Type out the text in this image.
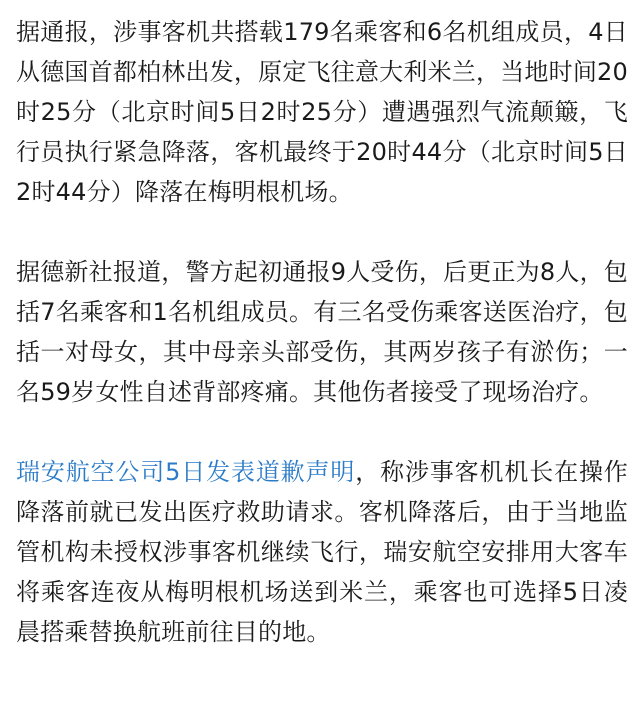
据通报，涉事客机共搭载179名乘客和6名机组成员，4日从德国首都柏林出发，原定飞往意大利米兰，当地时间20时25分（北京时间5日2时25分）遭遇强烈气流颠簸，飞行员执行紧急降落，客机最终于20时44分（北京时间5日2时44分）降落在梅明根机场。

据德新社报道，警方起初通报9人受伤，后更正为8人，包括7名乘客和1名机组成员。有三名受伤乘客送医治疗，包括一对母女，其中母亲头部受伤，其两岁孩子有淤伤；一名59岁女性自述背部疼痛。其他伤者接受了现场治疗。

瑞安航空公司5日发表道歉声明，称涉事客机机长在操作降落前就已发出医疗救助请求。客机降落后，由于当地监管机构未授权涉事客机继续飞行，瑞安航空安排用大客车将乘客连夜从梅明根机场送到米兰，乘客也可选择5日凌晨搭乘替换航班前往目的地。
